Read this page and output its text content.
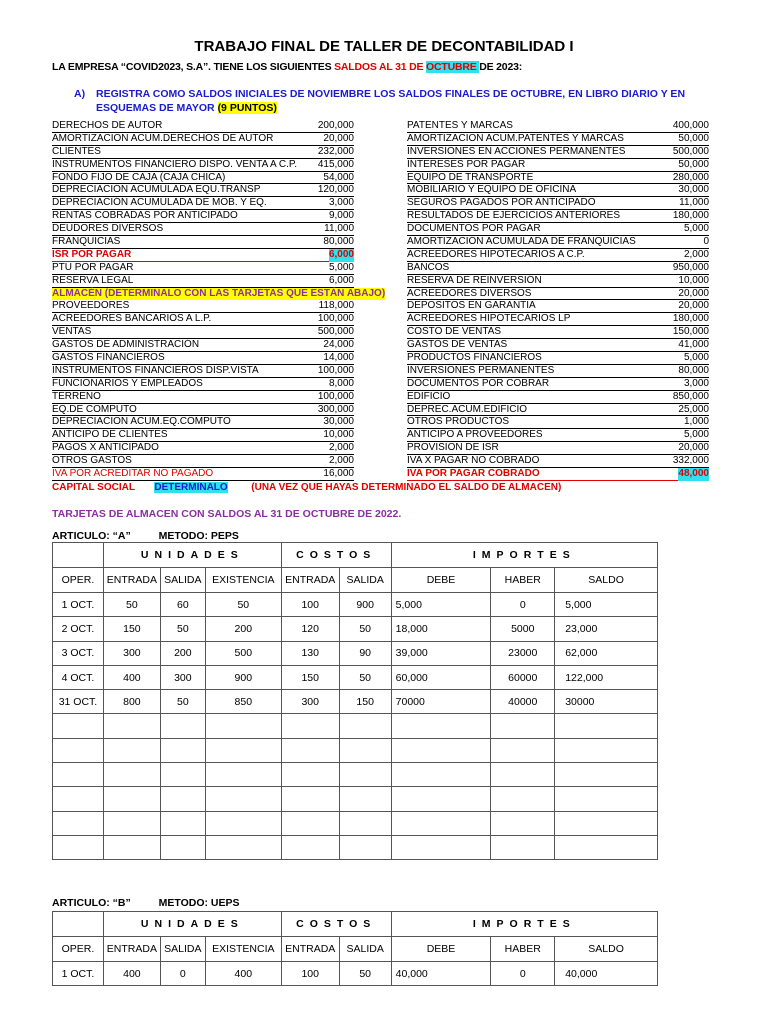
TRABAJO FINAL DE TALLER DE DECONTABILIDAD I
LA EMPRESA “COVID2023, S.A”. TIENE LOS SIGUIENTES SALDOS AL 31 DE OCTUBRE DE 2023:
A) REGISTRA COMO SALDOS INICIALES DE NOVIEMBRE LOS SALDOS FINALES DE OCTUBRE, EN LIBRO DIARIO Y EN ESQUEMAS DE MAYOR (9 PUNTOS)
DERECHOS DE AUTOR	200,000
AMORTIZACION ACUM.DERECHOS DE AUTOR	20,000
CLIENTES	232,000
INSTRUMENTOS FINANCIERO DISPO. VENTA A C.P. 415,000
FONDO FIJO DE CAJA (CAJA CHICA)	54,000
DEPRECIACIÓN ACUMULADA EQU.TRANSP	120,000
DEPRECIACIÓN ACUMULADA DE MOB. Y EQ.	3,000
RENTAS COBRADAS POR ANTICIPADO	9,000
DEUDORES DIVERSOS	11,000
FRANQUICIAS	80,000
ISR POR PAGAR	6,000
PTU POR PAGAR	5,000
RESERVA LEGAL	6,000
ALMACÉN (DETERMINALO CON LAS TARJETAS QUE ESTÁN ABAJO)
PROVEEDORES	118,000
ACREEDORES BANCARIOS A L.P.	100,000
VENTAS	500,000
GASTOS DE ADMINISTRACIÓN	24,000
GASTOS FINANCIEROS	14,000
INSTRUMENTOS FINANCIEROS DISP.VISTA	100,000
FUNCIONARIOS Y EMPLEADOS	8,000
TERRENO	100,000
EQ.DE COMPUTO	300,000
DEPRECIACION ACUM.EQ.COMPUTO	30,000
ANTICIPO DE CLIENTES	10,000
PAGOS X ANTICIPADO	2,000
OTROS GASTOS	2,000
IVA POR ACREDITAR NO PAGADO	16,000
PATENTES Y MARCAS	400,000
AMORTIZACION ACUM.PATENTES Y MARCAS	50,000
INVERSIONES EN ACCIONES PERMANENTES	500,000
INTERESES POR PAGAR	50,000
EQUIPO DE TRANSPORTE	280,000
MOBILIARIO Y EQUIPO DE OFICINA	30,000
SEGUROS PAGADOS POR ANTICIPADO	11,000
RESULTADOS DE EJERCICIOS ANTERIORES	180,000
DOCUMENTOS POR PAGAR	5,000
AMORTIZACIÓN ACUMULADA DE FRANQUICIAS	0
ACREEDORES HIPOTECARIOS A C.P.	2,000
BANCOS	950,000
RESERVA DE REINVERSIÓN	10,000
ACREEDORES DIVERSOS	20,000
DEPOSITOS EN GARANTIA	20,000
ACREEDORES HIPOTECARIOS LP	180,000
COSTO DE VENTAS	150,000
GASTOS DE VENTAS	41,000
PRODUCTOS FINANCIEROS	5,000
INVERSIONES PERMANENTES	80,000
DOCUMENTOS POR COBRAR	3,000
EDIFICIO	850,000
DEPREC.ACUM.EDIFICIO	25,000
OTROS PRODUCTOS	1,000
ANTICIPO A PROVEEDORES	5,000
PROVISION DE ISR	20,000
IVA X PAGAR NO COBRADO	332,000
IVA POR PAGAR COBRADO	48,000
CAPITAL SOCIAL DETERMINALO (UNA VEZ QUE HAYAS DETERMINADO EL SALDO DE ALMACEN)
TARJETAS DE ALMACEN CON SALDOS AL 31 DE OCTUBRE DE 2022.
ARTICULO: “A”	METODO: PEPS
	UNIDADES			COSTOS		IMPORTES		
OPER.	ENTRADA	SALIDA	EXISTENCIA	ENTRADA	SALIDA	DEBE	HABER	SALDO
1 OCT.	50	60	50	100	900	5,000	0	5,000
2 OCT.	150	50	200	120	50	18,000	5000	23,000
3 OCT.	300	200	500	130	90	39,000	23000	62,000
4 OCT.	400	300	900	150	50	60,000	60000	122,000
31 OCT.	800	50	850	300	150	70000	40000	30000

ARTICULO: “B”	METODO: UEPS
	UNIDADES			COSTOS		IMPORTES		
OPER.	ENTRADA	SALIDA	EXISTENCIA	ENTRADA	SALIDA	DEBE	HABER	SALDO
1 OCT.	400	0	400	100	50	40,000	0	40,000
